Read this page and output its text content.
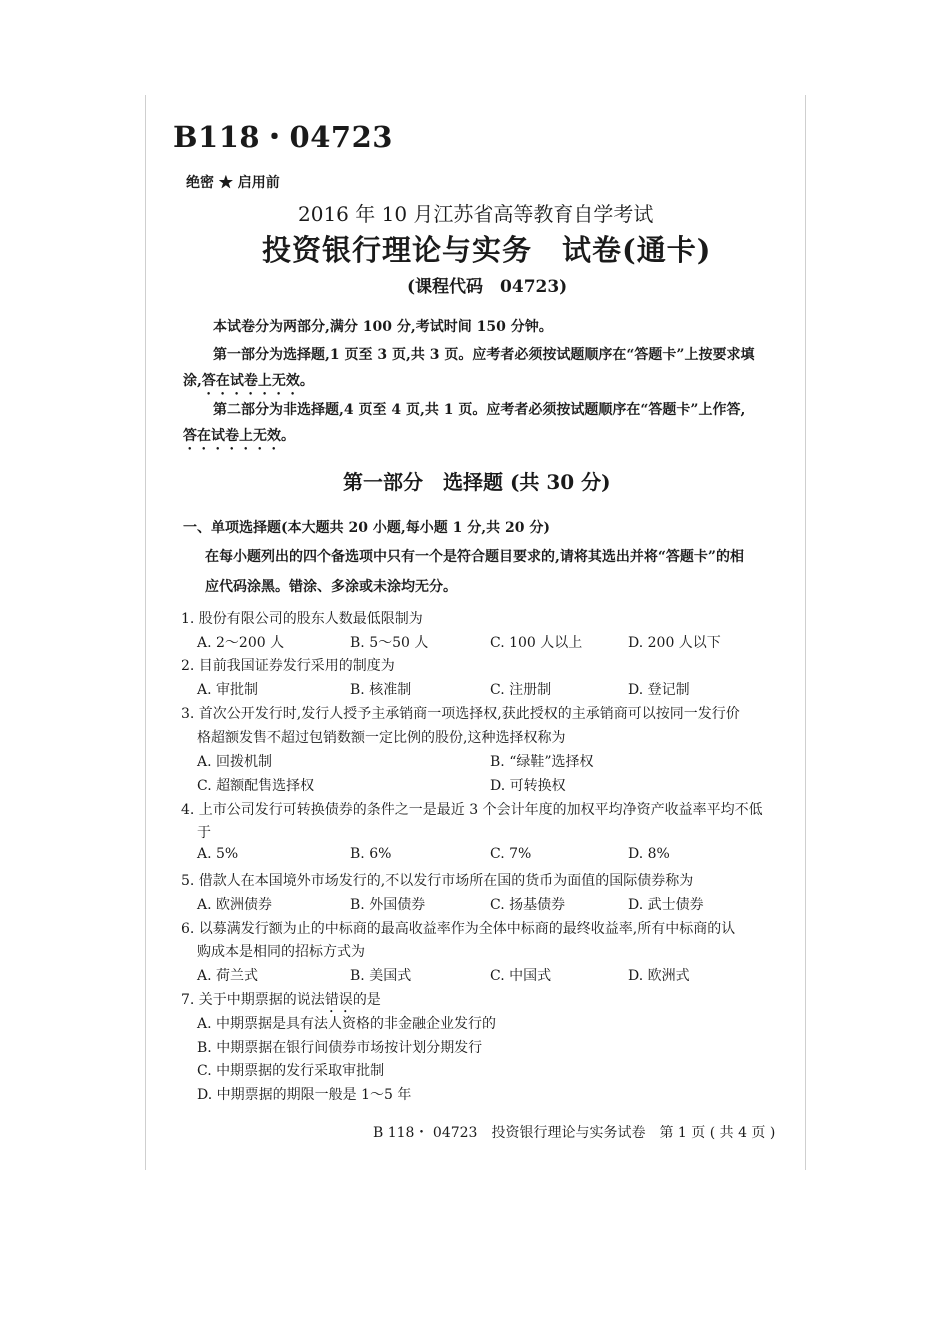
B118・04723
绝密 ★ 启用前
2016 年 10 月江苏省高等教育自学考试
投资银行理论与实务　试卷(通卡)
(课程代码　04723)
本试卷分为两部分,满分 100 分,考试时间 150 分钟。
第一部分为选择题,1 页至 3 页,共 3 页。应考者必须按试题顺序在“答题卡”上按要求填
涂,答在试卷上无效。
第二部分为非选择题,4 页至 4 页,共 1 页。应考者必须按试题顺序在“答题卡”上作答,
答在试卷上无效。
第一部分　选择题 (共 30 分)
一、单项选择题(本大题共 20 小题,每小题 1 分,共 20 分)
在每小题列出的四个备选项中只有一个是符合题目要求的,请将其选出并将“答题卡”的相
应代码涂黑。错涂、多涂或未涂均无分。
1. 股份有限公司的股东人数最低限制为
A. 2～200 人	B. 5～50 人	C. 100 人以上	D. 200 人以下
2. 目前我国证券发行采用的制度为
A. 审批制	B. 核准制	C. 注册制	D. 登记制
3. 首次公开发行时,发行人授予主承销商一项选择权,获此授权的主承销商可以按同一发行价
格超额发售不超过包销数额一定比例的股份,这种选择权称为
A. 回拨机制	B. “绿鞋”选择权
C. 超额配售选择权	D. 可转换权
4. 上市公司发行可转换债券的条件之一是最近 3 个会计年度的加权平均净资产收益率平均不低
于
A. 5%	B. 6%	C. 7%	D. 8%
5. 借款人在本国境外市场发行的,不以发行市场所在国的货币为面值的国际债券称为
A. 欧洲债券	B. 外国债券	C. 扬基债券	D. 武士债券
6. 以募满发行额为止的中标商的最高收益率作为全体中标商的最终收益率,所有中标商的认
购成本是相同的招标方式为
A. 荷兰式	B. 美国式	C. 中国式	D. 欧洲式
7. 关于中期票据的说法错误的是
A. 中期票据是具有法人资格的非金融企业发行的
B. 中期票据在银行间债券市场按计划分期发行
C. 中期票据的发行采取审批制
D. 中期票据的期限一般是 1～5 年
B 118・ 04723　投资银行理论与实务试卷　第 1 页 ( 共 4 页 )
